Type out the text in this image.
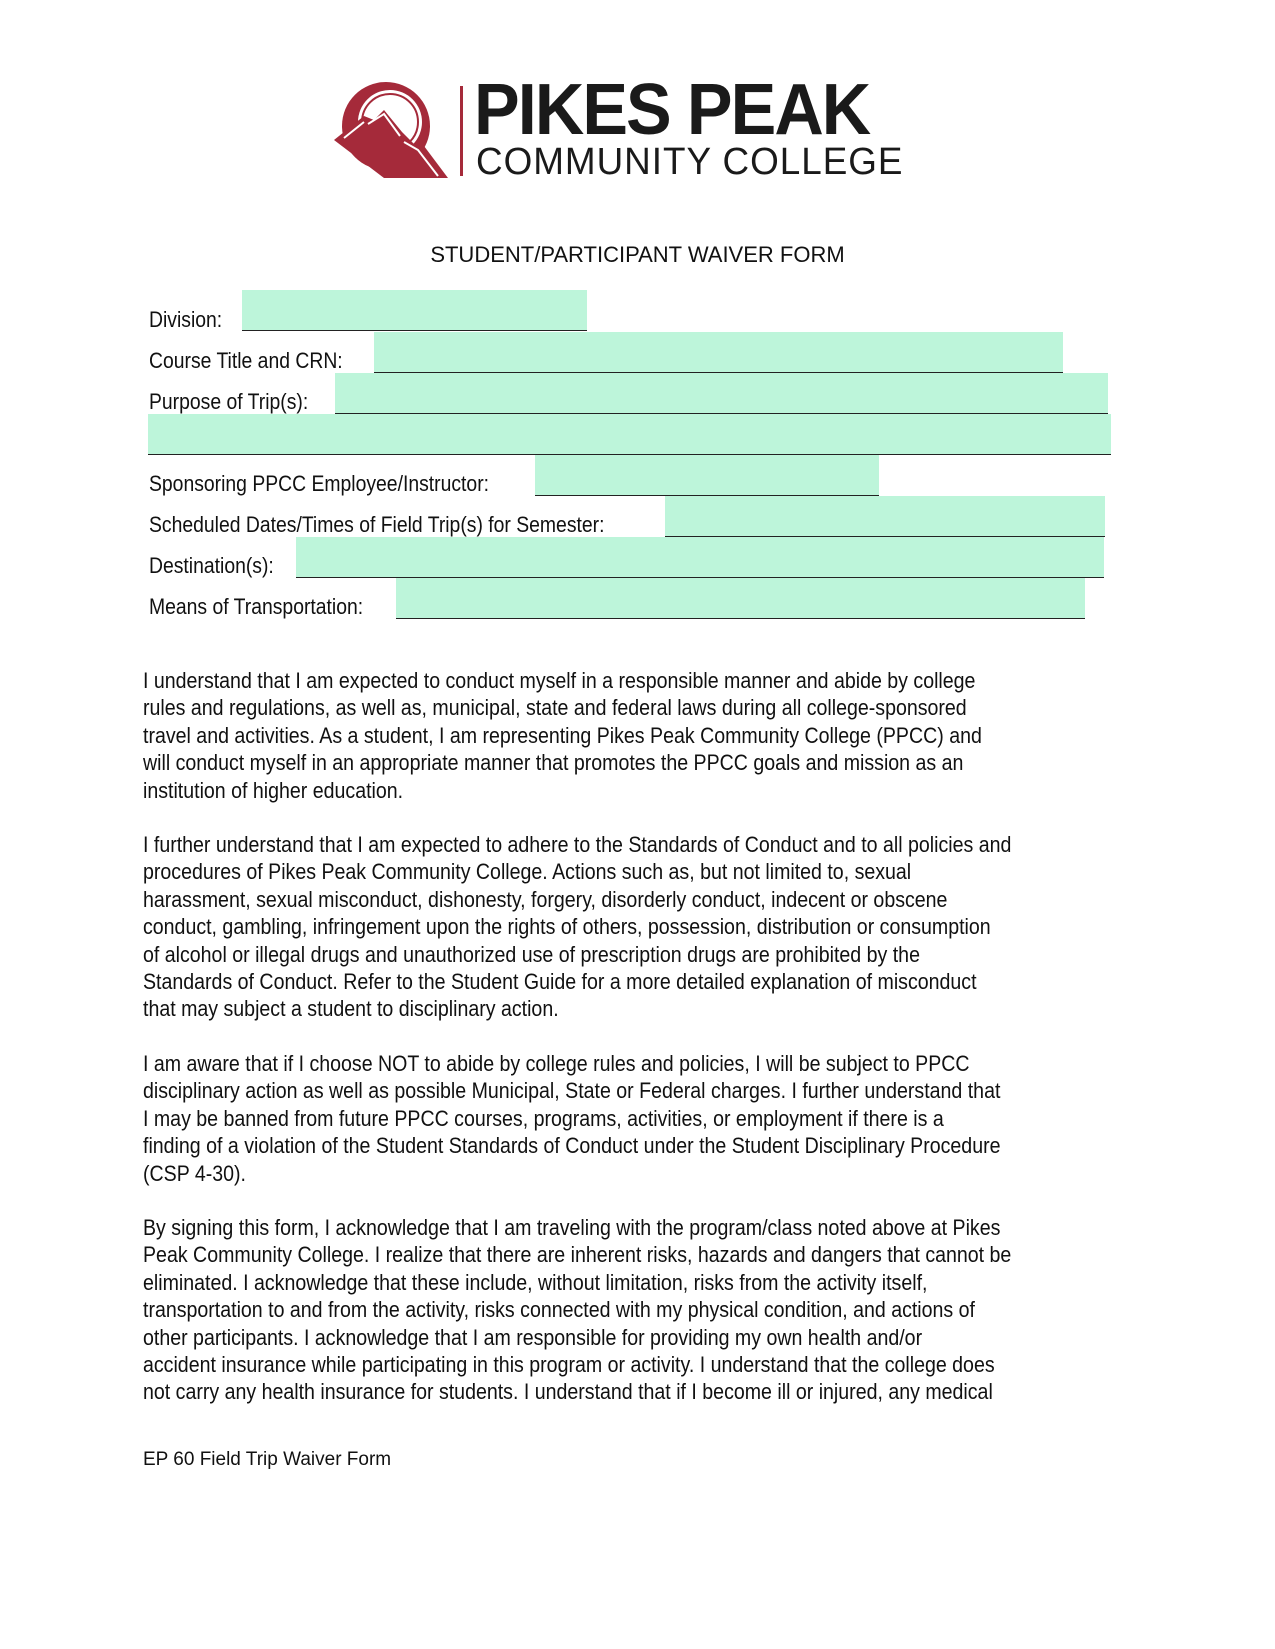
PIKES PEAK
COMMUNITY COLLEGE
STUDENT/PARTICIPANT WAIVER FORM
Division:
Course Title and CRN:
Purpose of Trip(s):
Sponsoring PPCC Employee/Instructor:
Scheduled Dates/Times of Field Trip(s) for Semester:
Destination(s):
Means of Transportation:
I understand that I am expected to conduct myself in a responsible manner and abide by college
rules and regulations, as well as, municipal, state and federal laws during all college-sponsored
travel and activities. As a student, I am representing Pikes Peak Community College (PPCC) and
will conduct myself in an appropriate manner that promotes the PPCC goals and mission as an
institution of higher education.
I further understand that I am expected to adhere to the Standards of Conduct and to all policies and
procedures of Pikes Peak Community College. Actions such as, but not limited to, sexual
harassment, sexual misconduct, dishonesty, forgery, disorderly conduct, indecent or obscene
conduct, gambling, infringement upon the rights of others, possession, distribution or consumption
of alcohol or illegal drugs and unauthorized use of prescription drugs are prohibited by the
Standards of Conduct. Refer to the Student Guide for a more detailed explanation of misconduct
that may subject a student to disciplinary action.
I am aware that if I choose NOT to abide by college rules and policies, I will be subject to PPCC
disciplinary action as well as possible Municipal, State or Federal charges. I further understand that
I may be banned from future PPCC courses, programs, activities, or employment if there is a
finding of a violation of the Student Standards of Conduct under the Student Disciplinary Procedure
(CSP 4-30).
By signing this form, I acknowledge that I am traveling with the program/class noted above at Pikes
Peak Community College. I realize that there are inherent risks, hazards and dangers that cannot be
eliminated. I acknowledge that these include, without limitation, risks from the activity itself,
transportation to and from the activity, risks connected with my physical condition, and actions of
other participants. I acknowledge that I am responsible for providing my own health and/or
accident insurance while participating in this program or activity. I understand that the college does
not carry any health insurance for students. I understand that if I become ill or injured, any medical
EP 60 Field Trip Waiver Form
